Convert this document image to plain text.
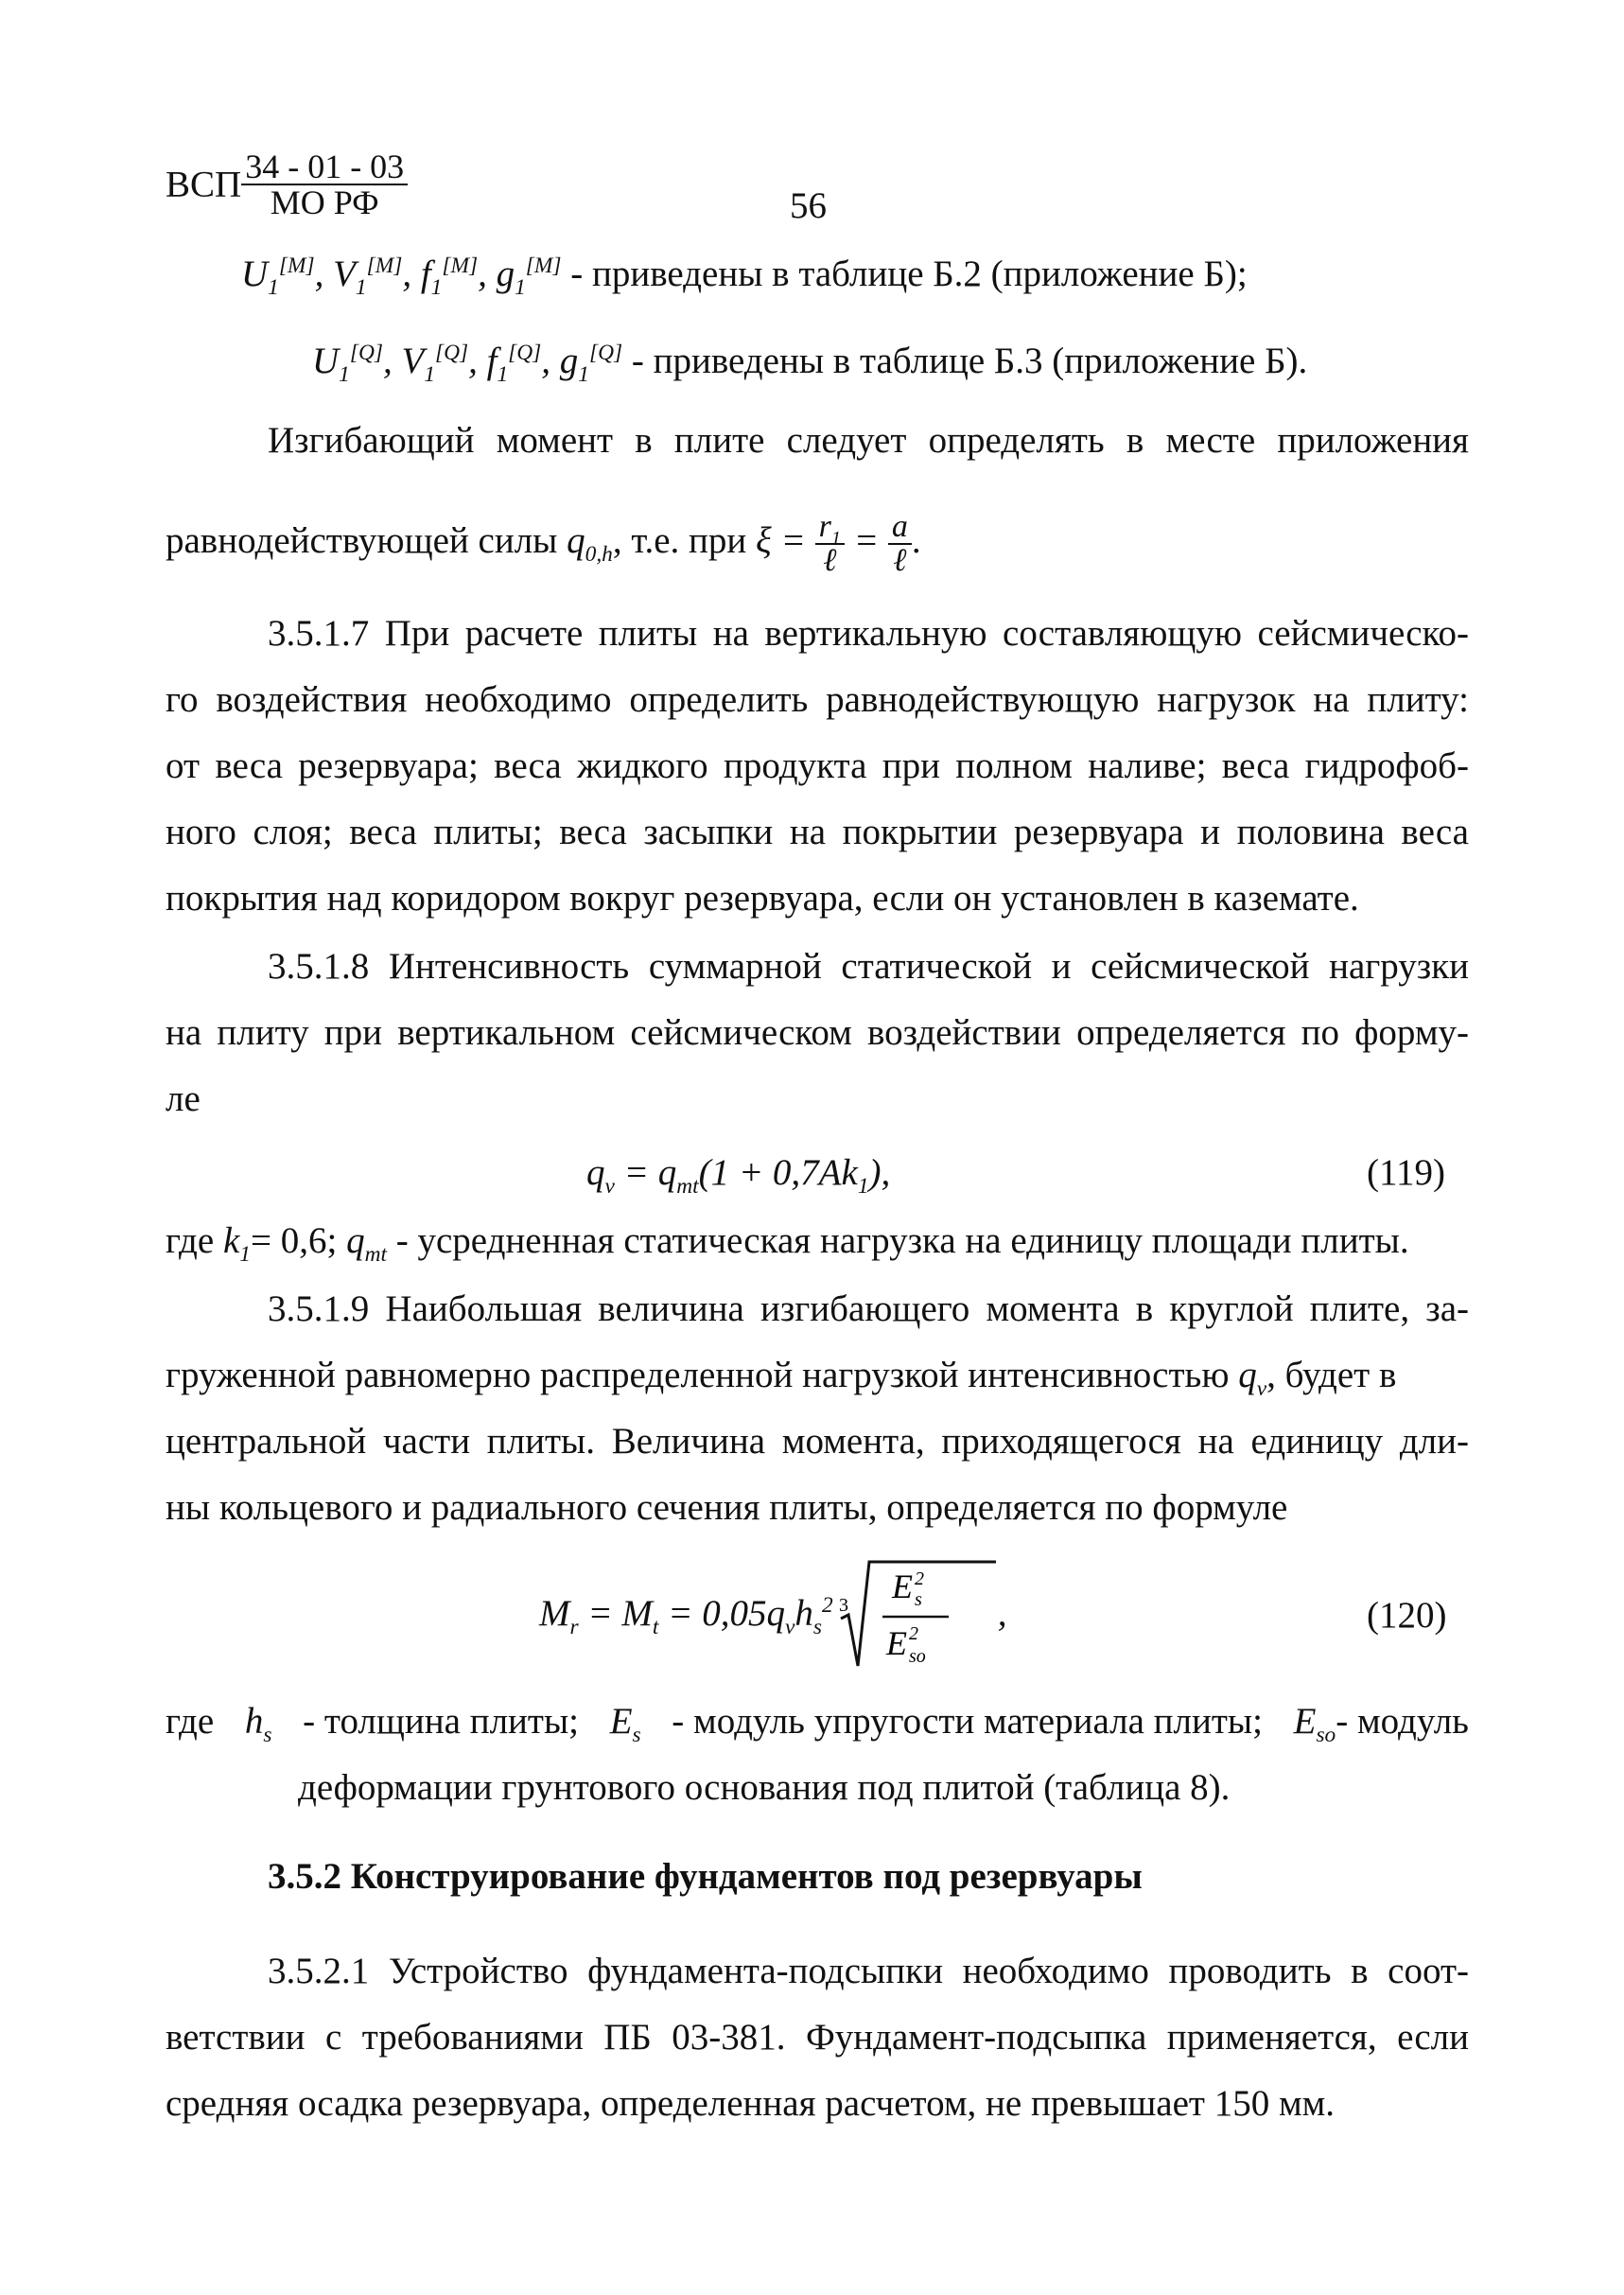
ВСП $\frac{34 - 01 - 03}{\text{МО РФ}}$	56
$U_1[M]$, $V_1[M]$, $f_1[M]$, $g_1[M]$ - приведены в таблице Б.2 (приложение Б);
$U_1[Q]$, $V_1[Q]$, $f_1[Q]$, $g_1[Q]$ - приведены в таблице Б.3 (приложение Б).
Изгибающий момент в плите следует определять в месте приложения
равнодействующей силы $q_{0,h}$, т.е. при $\xi = \frac{r_1}{\text{ℓ}} = \frac{a}{\text{ℓ}}$ .
3.5.1.7 При расчете плиты на вертикальную составляющую сейсмическо-
го воздействия необходимо определить равнодействующую нагрузок на плиту:
от веса резервуара; веса жидкого продукта при полном наливе; веса гидрофоб-
ного слоя; веса плиты; веса засыпки на покрытии резервуара и половина веса
покрытия над коридором вокруг резервуара, если он установлен в каземате.
3.5.1.8 Интенсивность суммарной статической и сейсмической нагрузки
на плиту при вертикальном сейсмическом воздействии определяется по форму-
ле
$q_v = q_{mt}(1 + 0,7Ak_1)$,	(119)
где $k_1= 0,6$; $q_{mt}$ - усредненная статическая нагрузка на единицу площади плиты.
3.5.1.9 Наибольшая величина изгибающего момента в круглой плите, за-
груженной равномерно распределенной нагрузкой интенсивностью $q_v$, будет в
центральной части плиты. Величина момента, приходящегося на единицу дли-
ны кольцевого и радиального сечения плиты, определяется по формуле
$M_r = M_t = 0,05q_vh_s^2$ 3 E 2
s
E 2
so
,	(120)
где $h_s$ - толщина плиты; $E_s$ - модуль упругости материала плиты; $E_{so}-$ модуль
деформации грунтового основания под плитой (таблица 8).
3.5.2 Конструирование фундаментов под резервуары
3.5.2.1 Устройство фундамента-подсыпки необходимо проводить в соот-
ветствии с требованиями ПБ 03-381. Фундамент-подсыпка применяется, если
средняя осадка резервуара, определенная расчетом, не превышает 150 мм.
